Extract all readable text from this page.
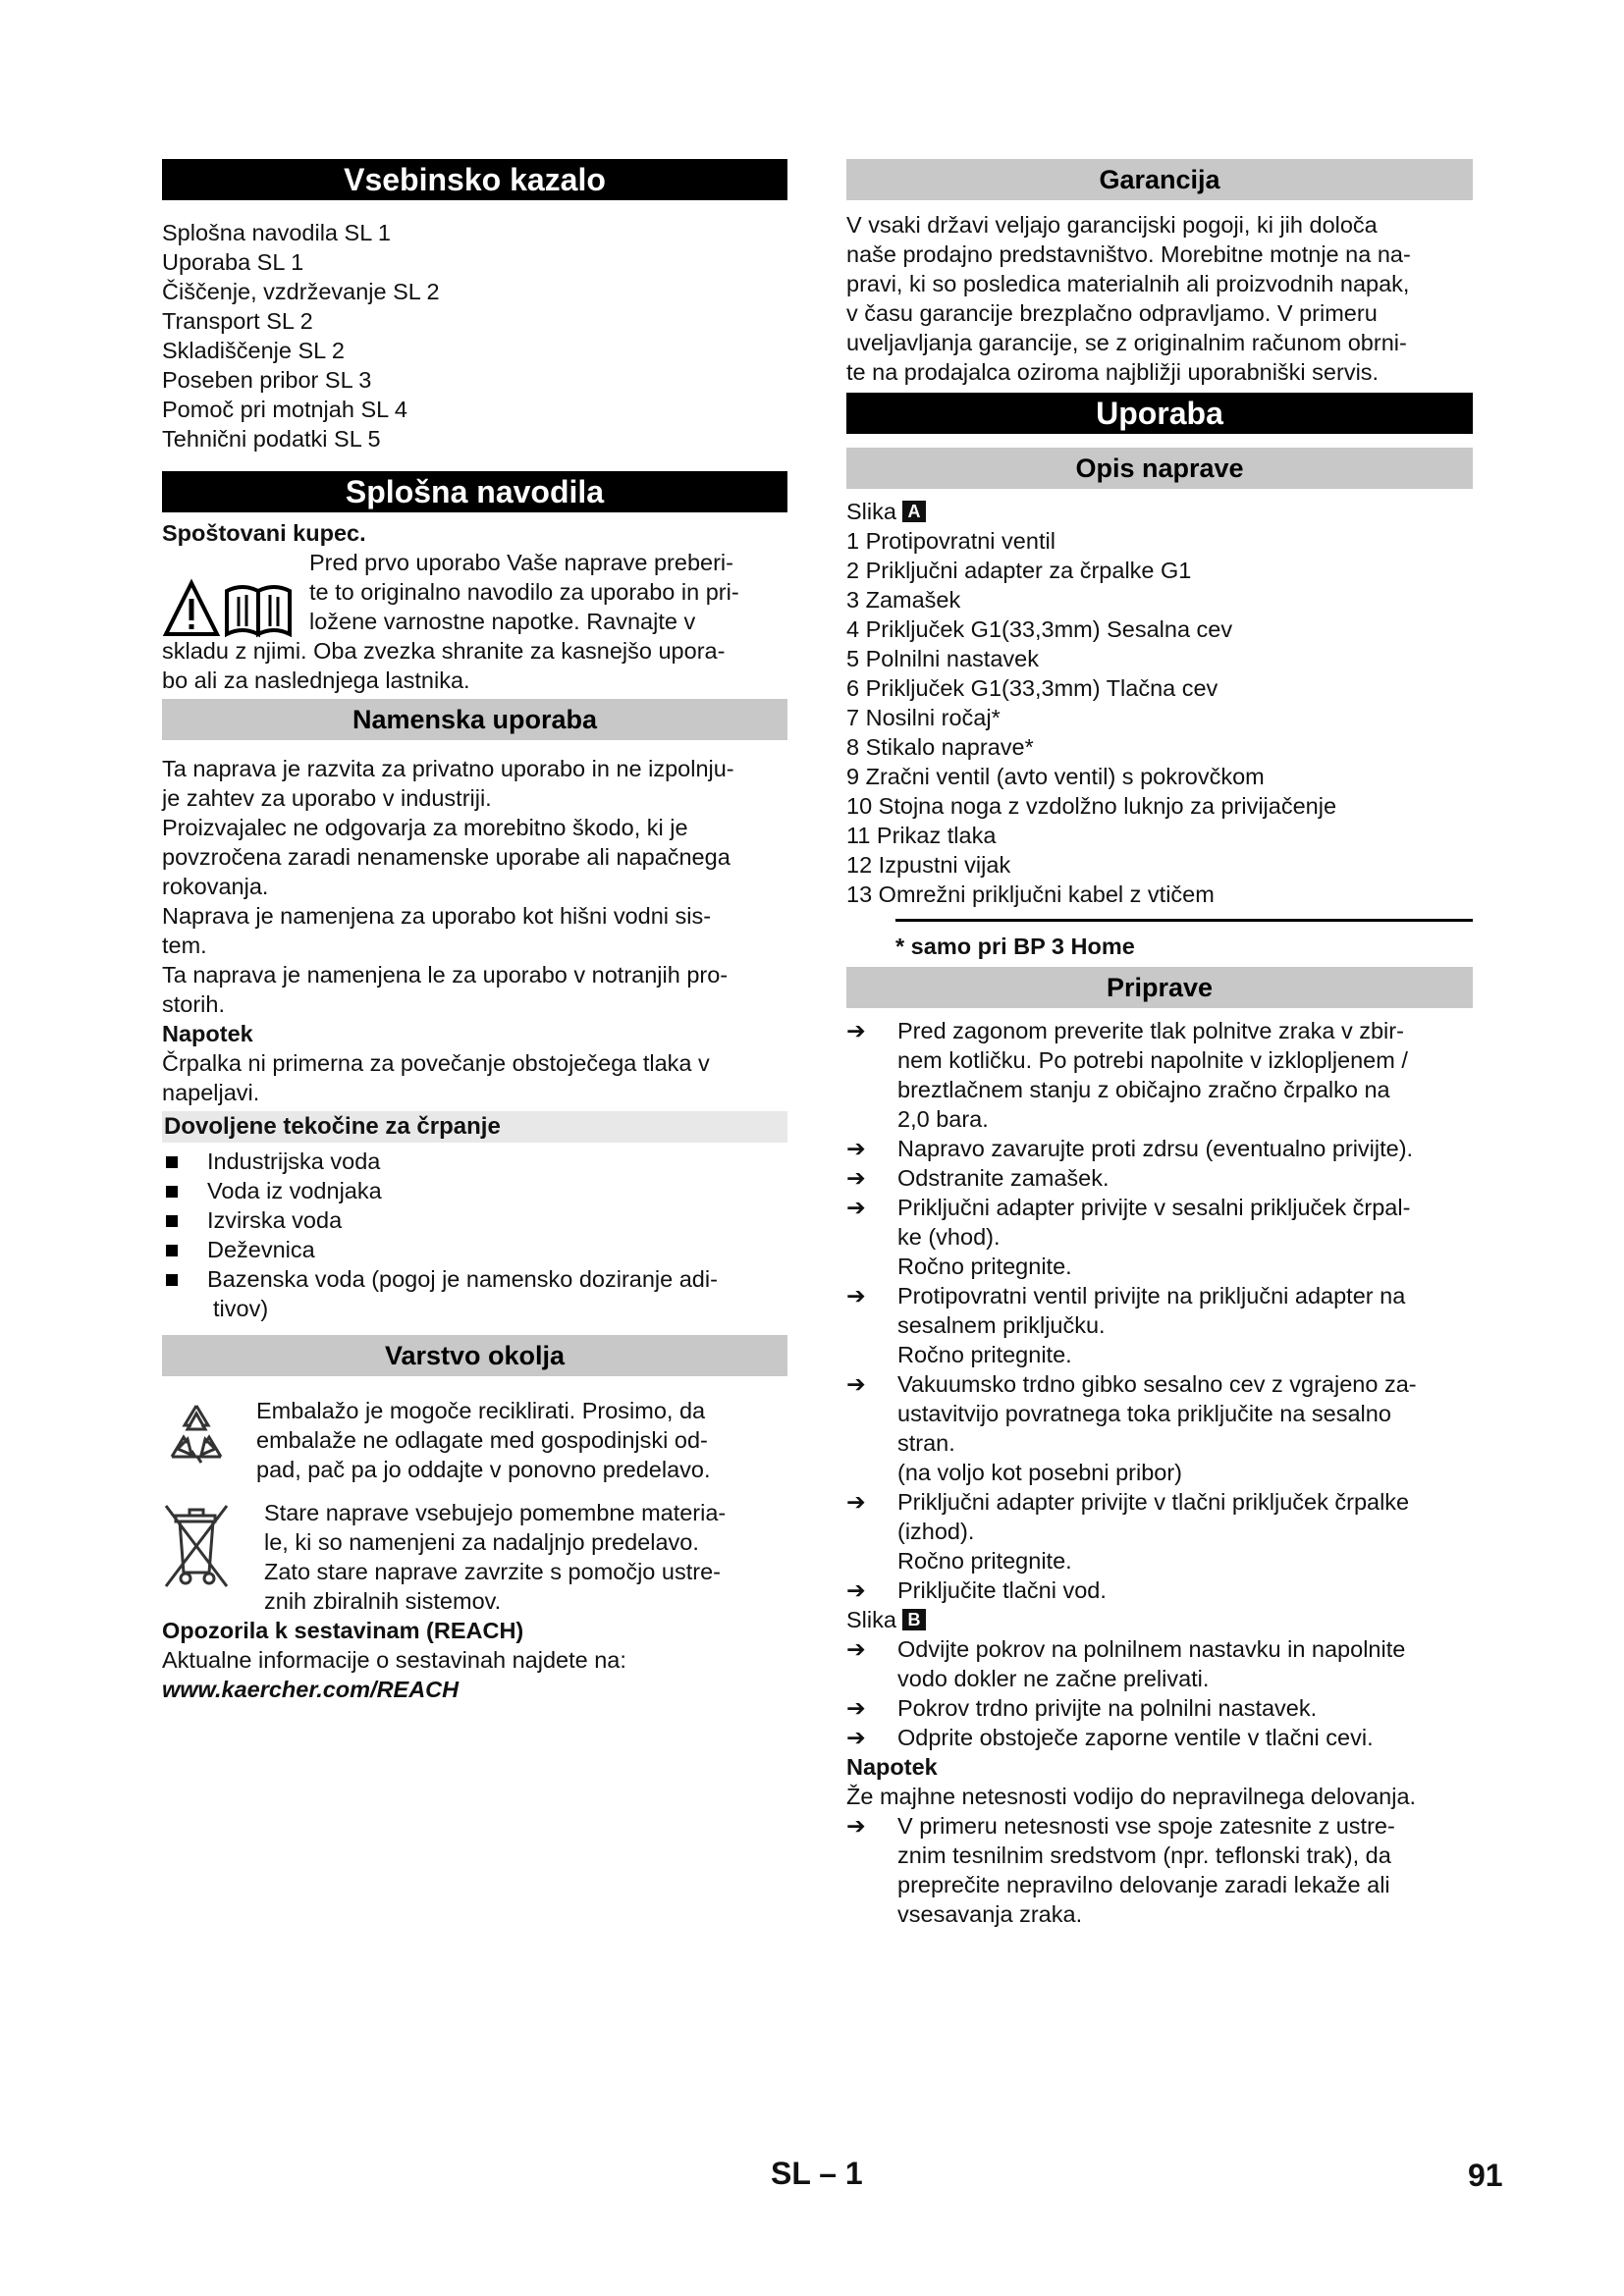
Vsebinsko kazalo
Splošna navodila SL 1
Uporaba SL 1
Čiščenje, vzdrževanje SL 2
Transport SL 2
Skladiščenje SL 2
Poseben pribor SL 3
Pomoč pri motnjah SL 4
Tehnični podatki SL 5
Splošna navodila
Spoštovani kupec.
Pred prvo uporabo Vaše naprave preberi-
te to originalno navodilo za uporabo in pri-
ložene varnostne napotke. Ravnajte v
skladu z njimi. Oba zvezka shranite za kasnejšo upora-
bo ali za naslednjega lastnika.
Namenska uporaba
Ta naprava je razvita za privatno uporabo in ne izpolnju-
je zahtev za uporabo v industriji.
Proizvajalec ne odgovarja za morebitno škodo, ki je
povzročena zaradi nenamenske uporabe ali napačnega
rokovanja.
Naprava je namenjena za uporabo kot hišni vodni sis-
tem.
Ta naprava je namenjena le za uporabo v notranjih pro-
storih.
Napotek
Črpalka ni primerna za povečanje obstoječega tlaka v
napeljavi.
Dovoljene tekočine za črpanje
Industrijska voda
Voda iz vodnjaka
Izvirska voda
Deževnica
Bazenska voda (pogoj je namensko doziranje adi-
tivov)
Varstvo okolja
Embalažo je mogoče reciklirati. Prosimo, da
embalaže ne odlagate med gospodinjski od-
pad, pač pa jo oddajte v ponovno predelavo.
Stare naprave vsebujejo pomembne materia-
le, ki so namenjeni za nadaljnjo predelavo.
Zato stare naprave zavrzite s pomočjo ustre-
znih zbiralnih sistemov.
Opozorila k sestavinam (REACH)
Aktualne informacije o sestavinah najdete na:
www.kaercher.com/REACH
Garancija
V vsaki državi veljajo garancijski pogoji, ki jih določa
naše prodajno predstavništvo. Morebitne motnje na na-
pravi, ki so posledica materialnih ali proizvodnih napak,
v času garancije brezplačno odpravljamo. V primeru
uveljavljanja garancije, se z originalnim računom obrni-
te na prodajalca oziroma najbližji uporabniški servis.
Uporaba
Opis naprave
Slika A
1 Protipovratni ventil
2 Priključni adapter za črpalke G1
3 Zamašek
4 Priključek G1(33,3mm) Sesalna cev
5 Polnilni nastavek
6 Priključek G1(33,3mm) Tlačna cev
7 Nosilni ročaj*
8 Stikalo naprave*
9 Zračni ventil (avto ventil) s pokrovčkom
10 Stojna noga z vzdolžno luknjo za privijačenje
11 Prikaz tlaka
12 Izpustni vijak
13 Omrežni priključni kabel z vtičem
* samo pri BP 3 Home
Priprave
➔ Pred zagonom preverite tlak polnitve zraka v zbir-
nem kotličku. Po potrebi napolnite v izklopljenem /
breztlačnem stanju z običajno zračno črpalko na
2,0 bara.
➔ Napravo zavarujte proti zdrsu (eventualno privijte).
➔ Odstranite zamašek.
➔ Priključni adapter privijte v sesalni priključek črpal-
ke (vhod).
Ročno pritegnite.
➔ Protipovratni ventil privijte na priključni adapter na
sesalnem priključku.
Ročno pritegnite.
➔ Vakuumsko trdno gibko sesalno cev z vgrajeno za-
ustavitvijo povratnega toka priključite na sesalno
stran.
(na voljo kot posebni pribor)
➔ Priključni adapter privijte v tlačni priključek črpalke
(izhod).
Ročno pritegnite.
➔ Priključite tlačni vod.
Slika B
➔ Odvijte pokrov na polnilnem nastavku in napolnite
vodo dokler ne začne prelivati.
➔ Pokrov trdno privijte na polnilni nastavek.
➔ Odprite obstoječe zaporne ventile v tlačni cevi.
Napotek
Že majhne netesnosti vodijo do nepravilnega delovanja.
➔ V primeru netesnosti vse spoje zatesnite z ustre-
znim tesnilnim sredstvom (npr. teflonski trak), da
preprečite nepravilno delovanje zaradi lekaže ali
vsesavanja zraka.
SL – 1	91
